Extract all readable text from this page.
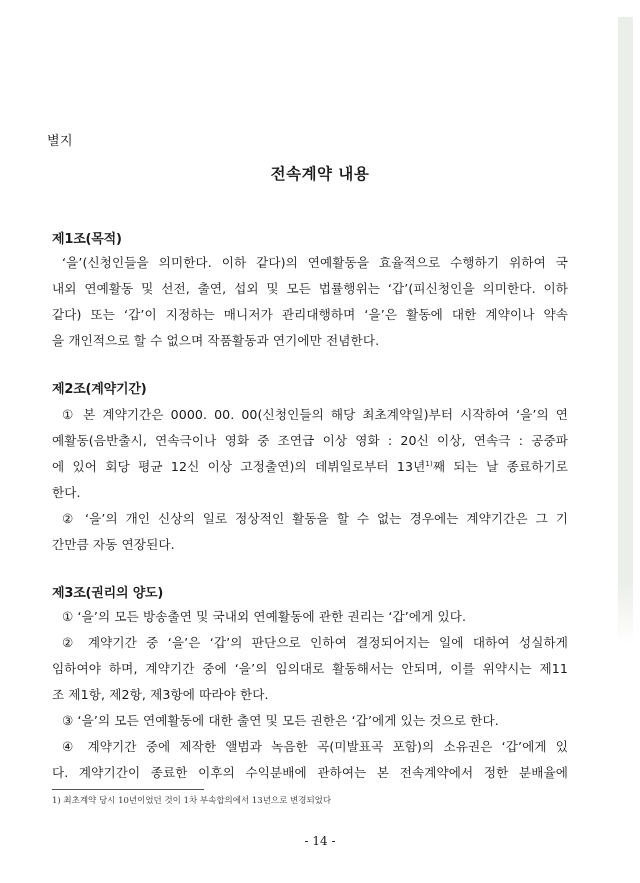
별지
전속계약 내용
제1조(목적)
‘을’(신청인들을 의미한다. 이하 같다)의 연예활동을 효율적으로 수행하기 위하여 국
내외 연예활동 및 선전, 출연, 섭외 및 모든 법률행위는 ‘갑’(피신청인을 의미한다. 이하
같다) 또는 ‘갑’이 지정하는 매니저가 관리대행하며 ‘을’은 활동에 대한 계약이나 약속
을 개인적으로 할 수 없으며 작품활동과 연기에만 전념한다.
제2조(계약기간)
① 본 계약기간은 0000. 00. 00(신청인들의 해당 최초계약일)부터 시작하여 ‘을’의 연
예활동(음반출시, 연속극이나 영화 중 조연급 이상 영화 : 20신 이상, 연속극 : 공중파
에 있어 회당 평균 12신 이상 고정출연)의 데뷔일로부터 13년$^{1)}$째 되는 날 종료하기로
한다.
② ‘을’의 개인 신상의 일로 정상적인 활동을 할 수 없는 경우에는 계약기간은 그 기
간만큼 자동 연장된다.
제3조(권리의 양도)
① ‘을’의 모든 방송출연 및 국내외 연예활동에 관한 권리는 ‘갑’에게 있다.
② 계약기간 중 ‘을’은 ‘갑’의 판단으로 인하여 결정되어지는 일에 대하여 성실하게
임하여야 하며, 계약기간 중에 ‘을’의 임의대로 활동해서는 안되며, 이를 위약시는 제11
조 제1항, 제2항, 제3항에 따라야 한다.
③ ‘을’의 모든 연예활동에 대한 출연 및 모든 권한은 ‘갑’에게 있는 것으로 한다.
④ 계약기간 중에 제작한 앨범과 녹음한 곡(미발표곡 포함)의 소유권은 ‘갑’에게 있
다. 계약기간이 종료한 이후의 수익분배에 관하여는 본 전속계약에서 정한 분배율에
1) 최초계약 당시 10년이었던 것이 1차 부속합의에서 13년으로 변경되었다
- 14 -
